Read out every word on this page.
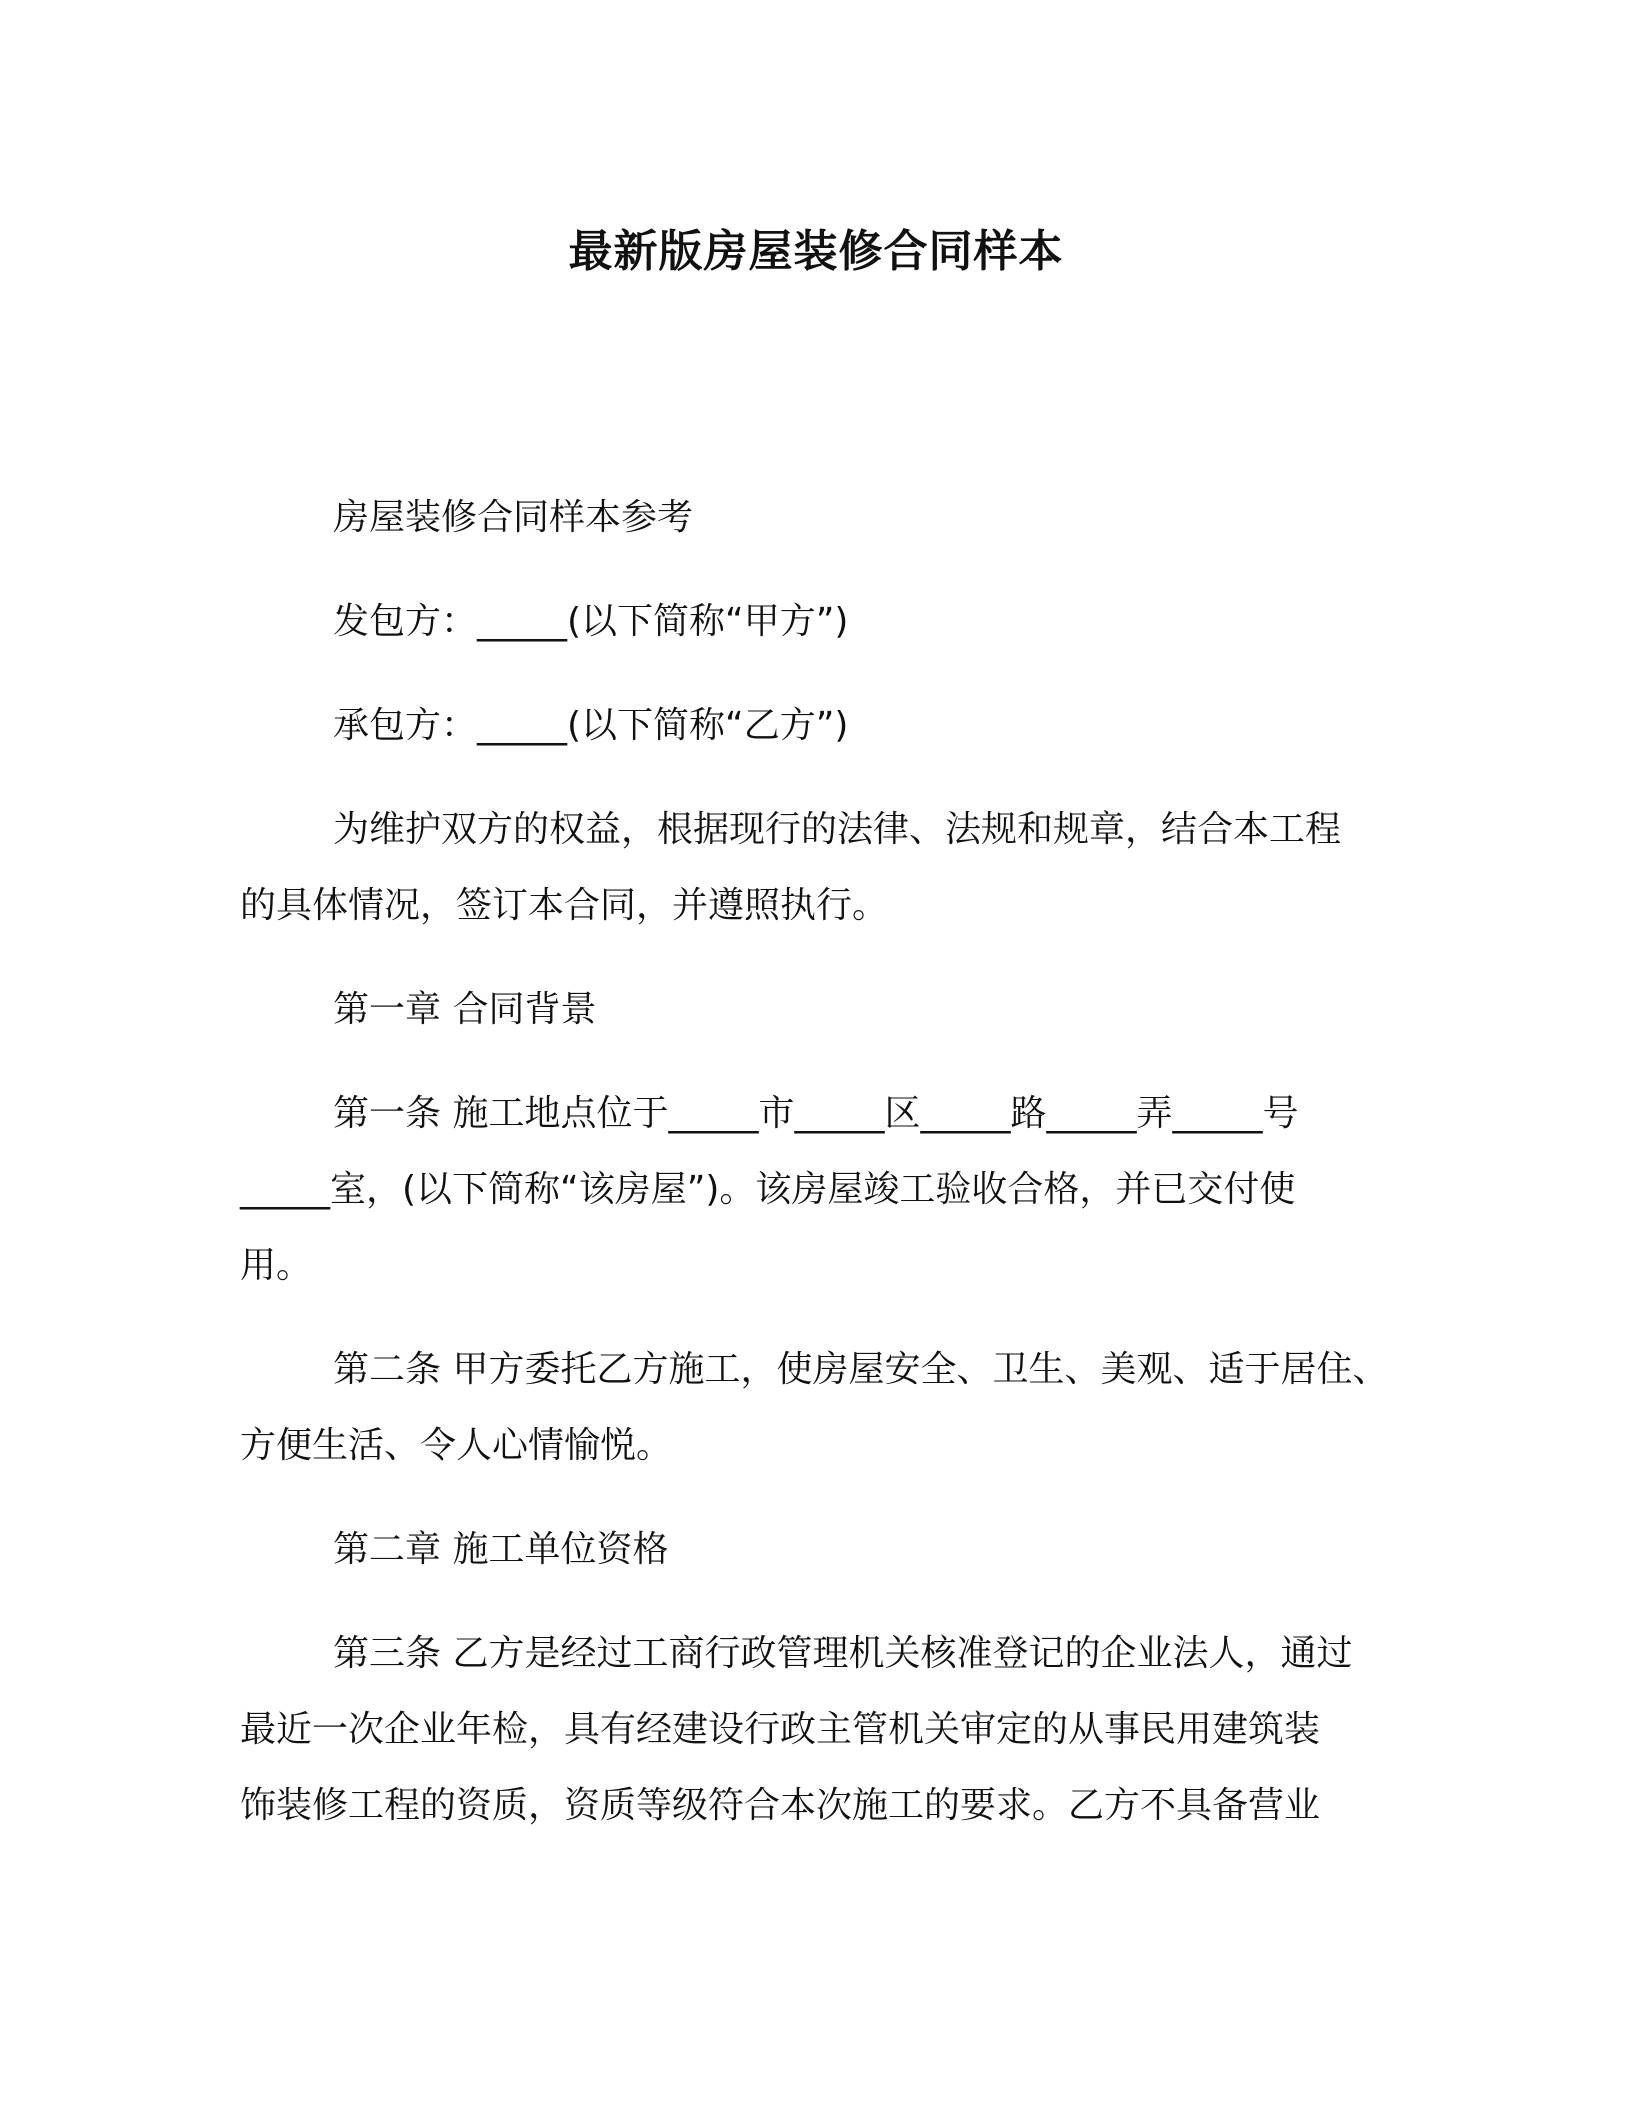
最新版房屋装修合同样本
房屋装修合同样本参考
发包方：_____(以下简称“甲方”)
承包方：_____(以下简称“乙方”)
为维护双方的权益，根据现行的法律、法规和规章，结合本工程
的具体情况，签订本合同，并遵照执行。
第一章 合同背景
第一条 施工地点位于_____市_____区_____路_____弄_____号
_____室，(以下简称“该房屋”)。该房屋竣工验收合格，并已交付使
用。
第二条 甲方委托乙方施工，使房屋安全、卫生、美观、适于居住、
方便生活、令人心情愉悦。
第二章 施工单位资格
第三条 乙方是经过工商行政管理机关核准登记的企业法人，通过
最近一次企业年检，具有经建设行政主管机关审定的从事民用建筑装
饰装修工程的资质，资质等级符合本次施工的要求。乙方不具备营业
